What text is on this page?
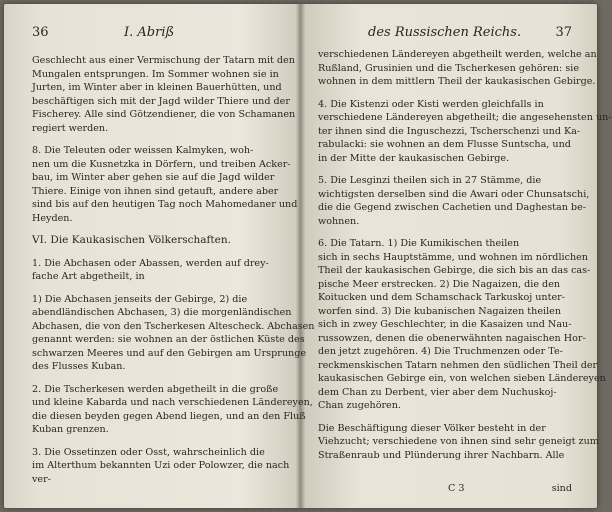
36	I. Abriß

Geschlecht aus einer Vermischung der Tatarn mit den
Mungalen entsprungen. Im Sommer wohnen sie in
Jurten, im Winter aber in kleinen Bauerhütten, und
beschäftigen sich mit der Jagd wilder Thiere und der
Fischerey. Alle sind Götzendiener, die von Schamanen
regiert werden.

8. Die Teleuten oder weissen Kalmyken, woh-
nen um die Kusnetzka in Dörfern, und treiben Acker-
bau, im Winter aber gehen sie auf die Jagd wilder
Thiere. Einige von ihnen sind getauft, andere aber
sind bis auf den heutigen Tag noch Mahomedaner und
Heyden.

VI. Die Kaukasischen Völkerschaften.

1. Die Abchasen oder Abassen, werden auf drey-
fache Art abgetheilt, in

1) Die Abchasen jenseits der Gebirge, 2) die
abendländischen Abchasen, 3) die morgenländischen
Abchasen, die von den Tscherkesen Altescheck. Abchasen
genannt werden: sie wohnen an der östlichen Küste des
schwarzen Meeres und auf den Gebirgen am Ursprunge
des Flusses Kuban.

2. Die Tscherkesen werden abgetheilt in die große
und kleine Kabarda und nach verschiedenen Ländereyen,
die diesen beyden gegen Abend liegen, und an den Fluß
Kuban grenzen.

3. Die Ossetinzen oder Osst, wahrscheinlich die
im Alterthum bekannten Uzi oder Polowzer, die nach
ver-

des Russischen Reichs.	37

verschiedenen Ländereyen abgetheilt werden, welche an
Rußland, Grusinien und die Tscherkesen gehören: sie
wohnen in dem mittlern Theil der kaukasischen Gebirge.

4. Die Kistenzi oder Kisti werden gleichfalls in
verschiedene Ländereyen abgetheilt; die angesehensten un-
ter ihnen sind die Inguschezzi, Tscherschenzi und Ka-
rabulacki: sie wohnen an dem Flusse Suntscha, und
in der Mitte der kaukasischen Gebirge.

5. Die Lesginzi theilen sich in 27 Stämme, die
wichtigsten derselben sind die Awari oder Chunsatschi,
die die Gegend zwischen Cachetien und Daghestan be-
wohnen.

6. Die Tatarn. 1) Die Kumikischen theilen
sich in sechs Hauptstämme, und wohnen im nördlichen
Theil der kaukasischen Gebirge, die sich bis an das cas-
pische Meer erstrecken. 2) Die Nagaizen, die den
Koitucken und dem Schamschack Tarkuskoj unter-
worfen sind. 3) Die kubanischen Nagaizen theilen
sich in zwey Geschlechter, in die Kasaizen und Nau-
russowzen, denen die obenerwähnten nagaischen Hor-
den jetzt zugehören. 4) Die Truchmenzen oder Te-
reckmenskischen Tatarn nehmen den südlichen Theil der
kaukasischen Gebirge ein, von welchen sieben Ländereyen
dem Chan zu Derbent, vier aber dem Nuchuskoj-
Chan zugehören.

Die Beschäftigung dieser Völker besteht in der
Viehzucht; verschiedene von ihnen sind sehr geneigt zum
Straßenraub und Plünderung ihrer Nachbarn. Alle

C 3	sind
